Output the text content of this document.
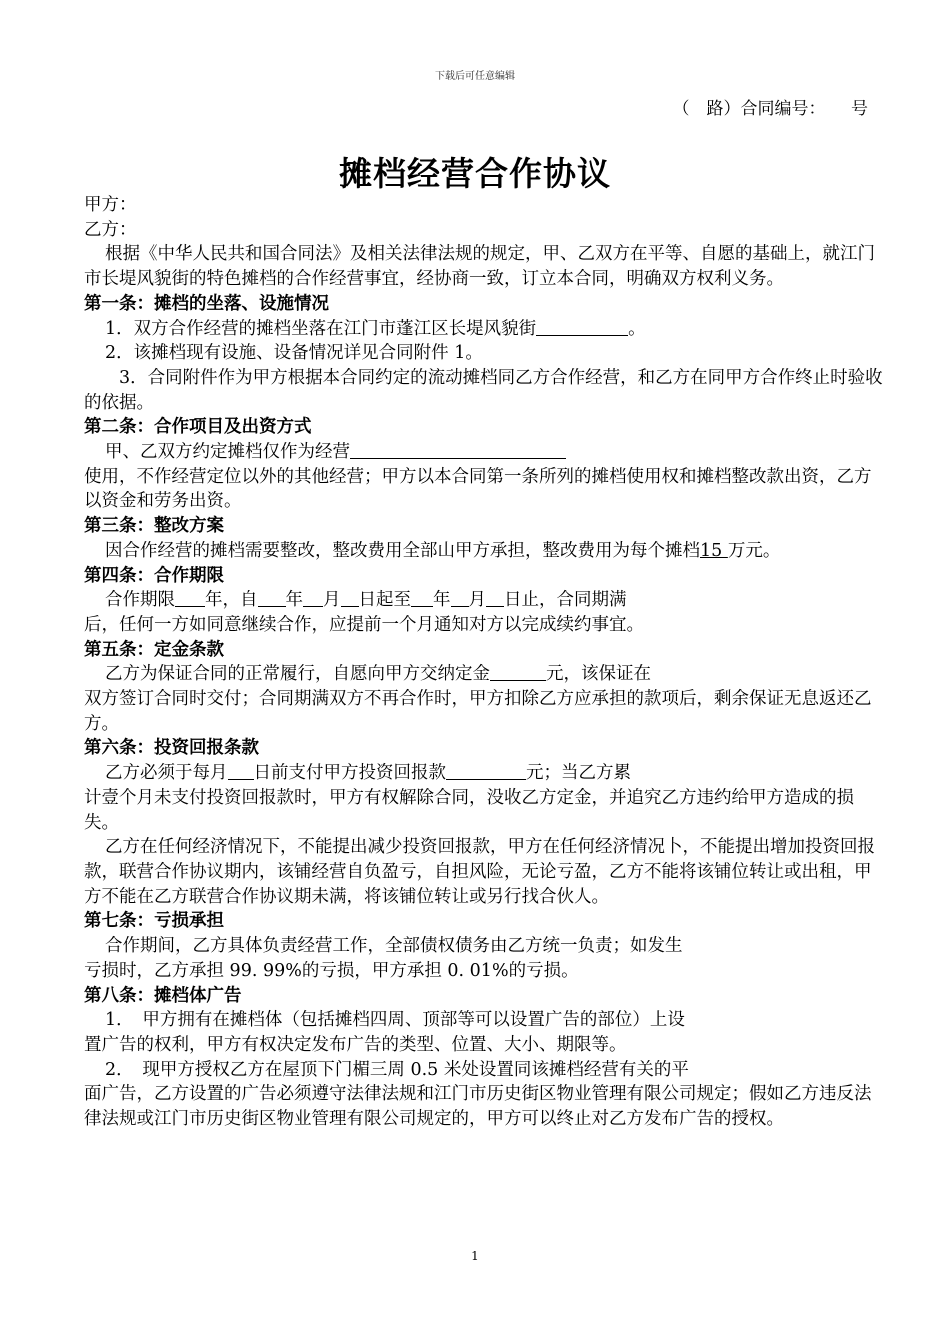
下载后可任意编辑
（　路）合同编号：　　号
摊档经营合作协议

甲方：

乙方：

根据《中华人民共和国合同法》及相关法律法规的规定，甲、乙双方在平等、自愿的基础上，就江门市长堤风貌街的特色摊档的合作经营事宜，经协商一致，订立本合同，明确双方权利义务。

第一条：摊档的坐落、设施情况

1．双方合作经营的摊档坐落在江门市蓬江区长堤风貌街	。

2．该摊档现有设施、设备情况详见合同附件 1。

3．合同附件作为甲方根据本合同约定的流动摊档同乙方合作经营，和乙方在同甲方合作终止时验收的依据。

第二条：合作项目及出资方式

甲、乙双方约定摊档仅作为经营

使用，不作经营定位以外的其他经营；甲方以本合同第一条所列的摊档使用权和摊档整改款出资，乙方以资金和劳务出资。

第三条：整改方案

因合作经营的摊档需要整改，整改费用全部山甲方承担，整改费用为每个摊档15 万元。

第四条：合作期限

合作期限 年，自 年 月 日起至 年 月 日止，合同期满

后，任何一方如同意继续合作，应提前一个月通知对方以完成续约事宜。

第五条：定金条款

乙方为保证合同的正常履行，自愿向甲方交纳定金	元，该保证在

双方签订合同时交付；合同期满双方不再合作时，甲方扣除乙方应承担的款项后，剩余保证无息返还乙方。

第六条：投资回报条款

乙方必须于每月 日前支付甲方投资回报款	元；当乙方累

计壹个月未支付投资回报款时，甲方有权解除合同，没收乙方定金，并追究乙方违约给甲方造成的损失。

乙方在任何经济情况下，不能提出减少投资回报款，甲方在任何经济情况卜，不能提出增加投资回报款，联营合作协议期内，该铺经营自负盈亏，自担风险，无论亏盈，乙方不能将该铺位转让或出租，甲方不能在乙方联营合作协议期未满，将该铺位转让或另行找合伙人。

第七条：亏损承担

合作期间，乙方具体负责经营工作，全部债权债务由乙方统一负责；如发生

亏损时，乙方承担 99. 99%的亏损，甲方承担 0. 01%的亏损。

第八条：摊档体广告

1．　甲方拥有在摊档体（包括摊档四周、顶部等可以设置广告的部位）上设

置广告的权利，甲方有权决定发布广告的类型、位置、大小、期限等。

2．　现甲方授权乙方在屋顶下门楣三周 0.5 米处设置同该摊档经营有关的平

面广告，乙方设置的广告必须遵守法律法规和江门市历史街区物业管理有限公司规定；假如乙方违反法律法规或江门市历史街区物业管理有限公司规定的，甲方可以终止对乙方发布广告的授权。

1
